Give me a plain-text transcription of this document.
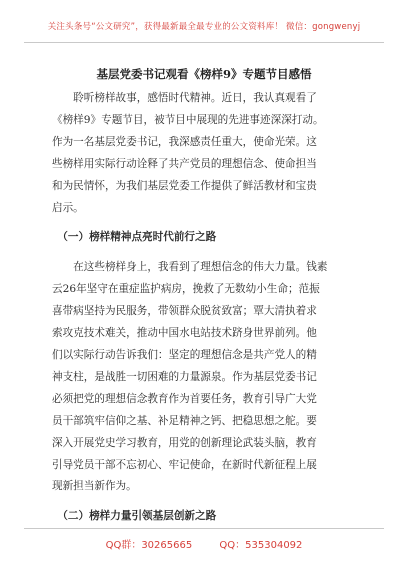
关注头条号“公文研究”，获得最新最全最专业的公文资料库！ 微信：gongwenyj
基层党委书记观看《榜样9》专题节目感悟
　　聆听榜样故事，感悟时代精神。近日，我认真观看了
《榜样9》专题节目，被节目中展现的先进事迹深深打动。
作为一名基层党委书记，我深感责任重大，使命光荣。这
些榜样用实际行动诠释了共产党员的理想信念、使命担当
和为民情怀，为我们基层党委工作提供了鲜活教材和宝贵
启示。
　（一）榜样精神点亮时代前行之路
　　在这些榜样身上，我看到了理想信念的伟大力量。钱素
云26年坚守在重症监护病房，挽救了无数幼小生命；范振
喜带病坚持为民服务，带领群众脱贫致富；覃大清执着求
索攻克技术难关，推动中国水电站技术跻身世界前列。他
们以实际行动告诉我们：坚定的理想信念是共产党人的精
神支柱，是战胜一切困难的力量源泉。作为基层党委书记
必须把党的理想信念教育作为首要任务，教育引导广大党
员干部筑牢信仰之基、补足精神之钙、把稳思想之舵。要
深入开展党史学习教育，用党的创新理论武装头脑，教育
引导党员干部不忘初心、牢记使命，在新时代新征程上展
现新担当新作为。
　（二）榜样力量引领基层创新之路
QQ群：30265665	QQ：535304092
